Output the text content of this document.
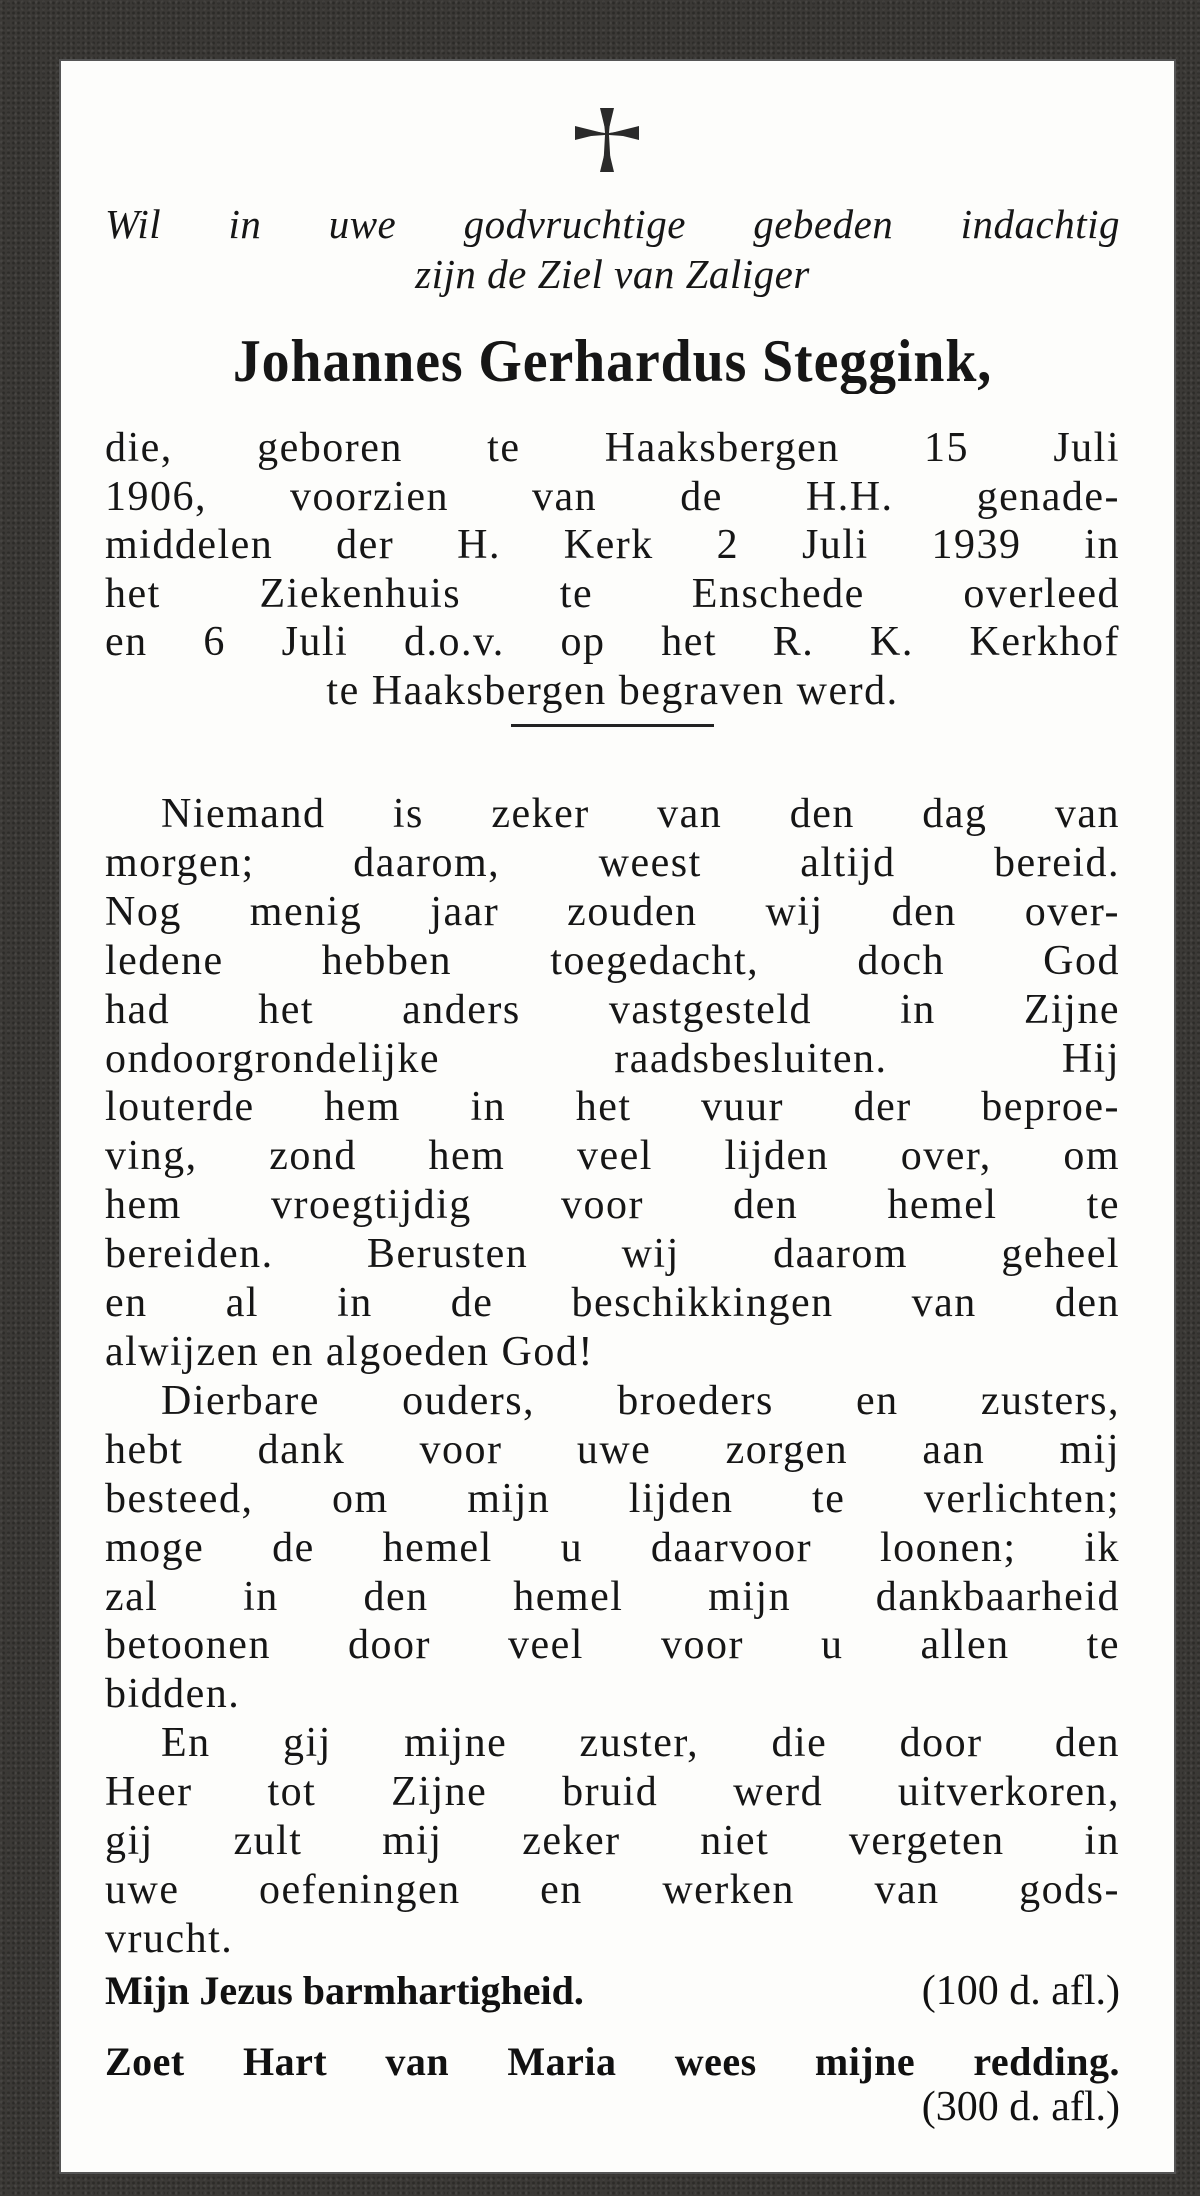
Wil in uwe godvruchtige gebeden indachtig
zijn de Ziel van Zaliger
Johannes Gerhardus Steggink,
die, geboren te Haaksbergen 15 Juli
1906, voorzien van de H.H. genade-
middelen der H. Kerk 2 Juli 1939 in
het Ziekenhuis te Enschede overleed
en 6 Juli d.o.v. op het R. K. Kerkhof
te Haaksbergen begraven werd.
Niemand is zeker van den dag van
morgen; daarom, weest altijd bereid.
Nog menig jaar zouden wij den over-
ledene hebben toegedacht, doch God
had het anders vastgesteld in Zijne
ondoorgrondelijke raadsbesluiten. Hij
louterde hem in het vuur der beproe-
ving, zond hem veel lijden over, om
hem vroegtijdig voor den hemel te
bereiden. Berusten wij daarom geheel
en al in de beschikkingen van den
alwijzen en algoeden God!
Dierbare ouders, broeders en zusters,
hebt dank voor uwe zorgen aan mij
besteed, om mijn lijden te verlichten;
moge de hemel u daarvoor loonen; ik
zal in den hemel mijn dankbaarheid
betoonen door veel voor u allen te
bidden.
En gij mijne zuster, die door den
Heer tot Zijne bruid werd uitverkoren,
gij zult mij zeker niet vergeten in
uwe oefeningen en werken van gods-
vrucht.
Mijn Jezus barmhartigheid.	(100 d. afl.)
Zoet Hart van Maria wees mijne redding.
(300 d. afl.)
